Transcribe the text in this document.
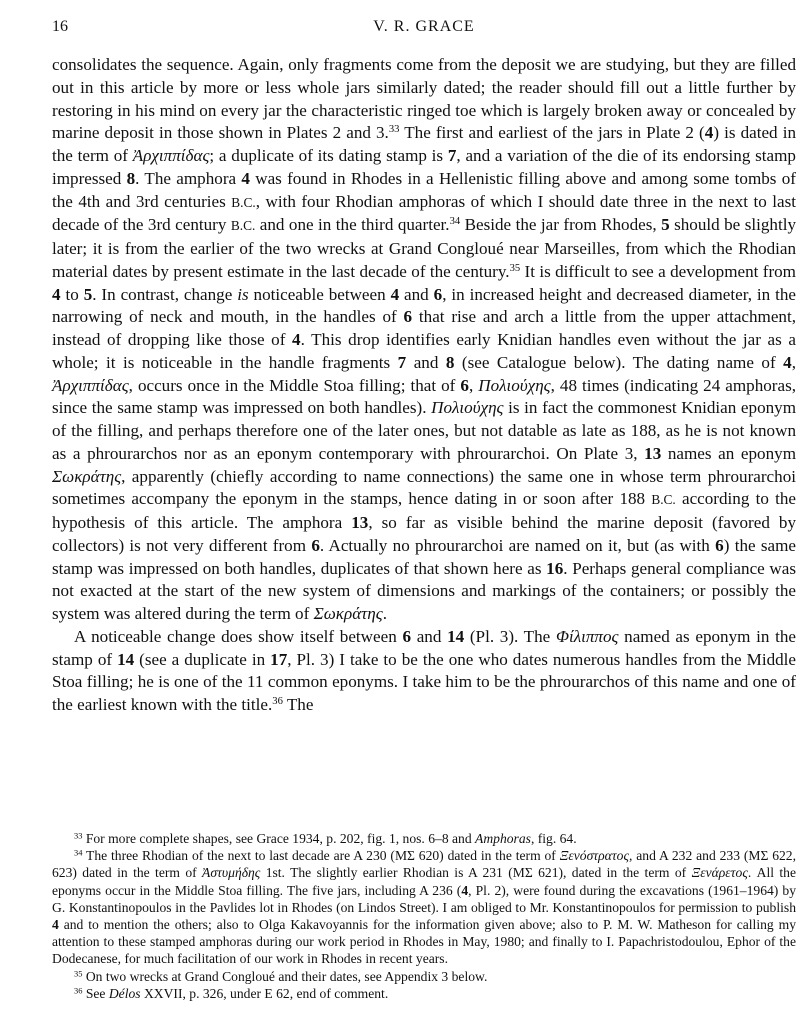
16	V. R. GRACE

consolidates the sequence. Again, only fragments come from the deposit we are studying, but they are filled out in this article by more or less whole jars similarly dated; the reader should fill out a little further by restoring in his mind on every jar the characteristic ringed toe which is largely broken away or concealed by marine deposit in those shown in Plates 2 and 3.33 The first and earliest of the jars in Plate 2 (4) is dated in the term of Ἀρχιππίδας; a duplicate of its dating stamp is 7, and a variation of the die of its endorsing stamp impressed 8. The amphora 4 was found in Rhodes in a Hellenistic filling above and among some tombs of the 4th and 3rd centuries B.C., with four Rhodian amphoras of which I should date three in the next to last decade of the 3rd century B.C. and one in the third quarter.$^{34}$ Beside the jar from Rhodes, 5 should be slightly later; it is from the earlier of the two wrecks at Grand Congloué near Marseilles, from which the Rhodian material dates by present estimate in the last decade of the century.$^{35}$ It is difficult to see a development from 4 to 5. In contrast, change is noticeable between 4 and 6, in increased height and decreased diameter, in the narrowing of neck and mouth, in the handles of 6 that rise and arch a little from the upper attachment, instead of dropping like those of 4. This drop identifies early Knidian handles even without the jar as a whole; it is noticeable in the handle fragments 7 and 8 (see Catalogue below). The dating name of 4, Ἀρχιππίδας, occurs once in the Middle Stoa filling; that of 6, Πολιούχης, 48 times (indicating 24 amphoras, since the same stamp was impressed on both handles). Πολιούχης is in fact the commonest Knidian eponym of the filling, and perhaps therefore one of the later ones, but not datable as late as 188, as he is not known as a phrourarchos nor as an eponym contemporary with phrourarchoi. On Plate 3, 13 names an eponym Σωκράτης, apparently (chiefly according to name connections) the same one in whose term phrourarchoi sometimes accompany the eponym in the stamps, hence dating in or soon after 188 B.C. according to the hypothesis of this article. The amphora 13, so far as visible behind the marine deposit (favored by collectors) is not very different from 6. Actually no phrourarchoi are named on it, but (as with 6) the same stamp was impressed on both handles, duplicates of that shown here as 16. Perhaps general compliance was not exacted at the start of the new system of dimensions and markings of the containers; or possibly the system was altered during the term of Σωκράτης.

A noticeable change does show itself between 6 and 14 (Pl. 3). The Φίλιππος named as eponym in the stamp of 14 (see a duplicate in 17, Pl. 3) I take to be the one who dates numerous handles from the Middle Stoa filling; he is one of the 11 common eponyms. I take him to be the phrourarchos of this name and one of the earliest known with the title.$^{36}$ The

$^{33}$ For more complete shapes, see Grace 1934, p. 202, fig. 1, nos. 6–8 and Amphoras, fig. 64.

$^{34}$ The three Rhodian of the next to last decade are A 230 (ΜΣ 620) dated in the term of Ξενόστρατος, and A 232 and 233 (ΜΣ 622, 623) dated in the term of Ἀστυμήδης 1st. The slightly earlier Rhodian is A 231 (ΜΣ 621), dated in the term of Ξενάρετος. All the eponyms occur in the Middle Stoa filling. The five jars, including A 236 (4, Pl. 2), were found during the excavations (1961–1964) by G. Konstantinopoulos in the Pavlides lot in Rhodes (on Lindos Street). I am obliged to Mr. Konstantinopoulos for permission to publish 4 and to mention the others; also to Olga Kakavoyannis for the information given above; also to P. M. W. Matheson for calling my attention to these stamped amphoras during our work period in Rhodes in May, 1980; and finally to I. Papachristodoulou, Ephor of the Dodecanese, for much facilitation of our work in Rhodes in recent years.

$^{35}$ On two wrecks at Grand Congloué and their dates, see Appendix 3 below.

$^{36}$ See Délos XXVII, p. 326, under E 62, end of comment.
